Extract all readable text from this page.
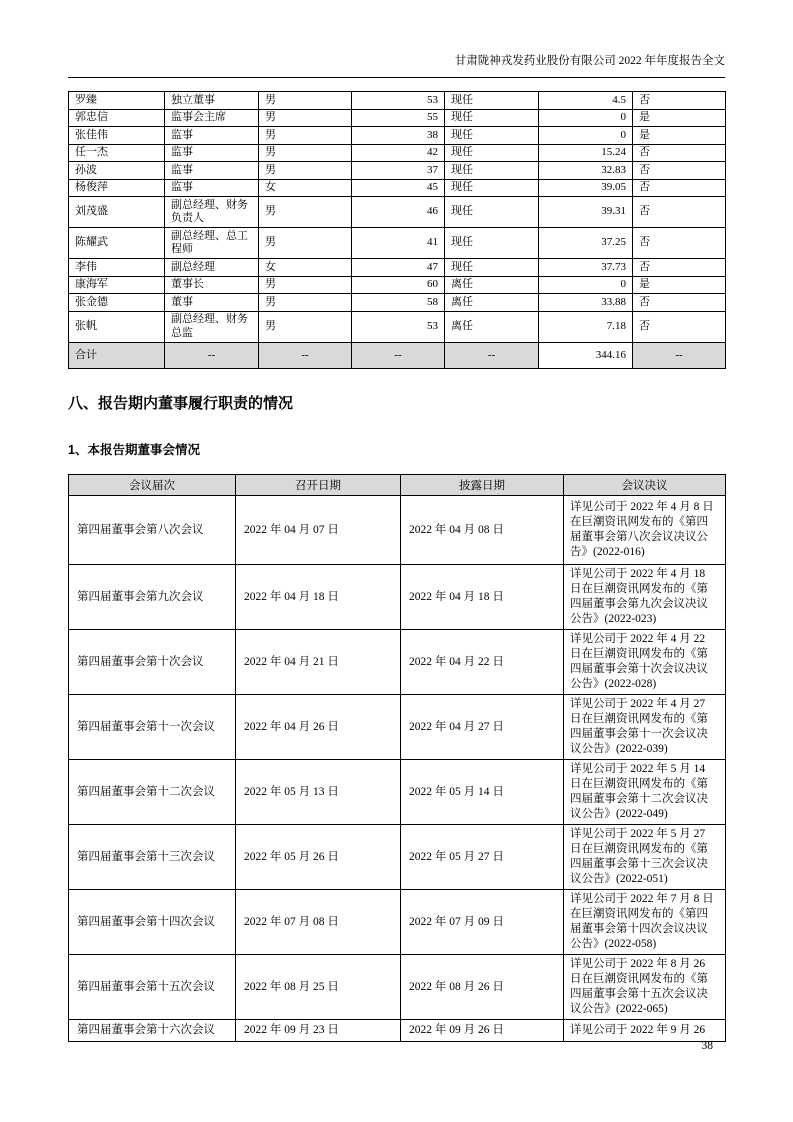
甘肃陇神戎发药业股份有限公司 2022 年年度报告全文
罗臻	独立董事	男	53	现任	4.5	否
郭忠信	监事会主席	男	55	现任	0	是
张佳伟	监事	男	38	现任	0	是
任一杰	监事	男	42	现任	15.24	否
孙波	监事	男	37	现任	32.83	否
杨俊萍	监事	女	45	现任	39.05	否
刘茂盛	副总经理、财务负责人	男	46	现任	39.31	否
陈耀武	副总经理、总工程师	男	41	现任	37.25	否
李伟	副总经理	女	47	现任	37.73	否
康海军	董事长	男	60	离任	0	是
张金德	董事	男	58	离任	33.88	否
张帆	副总经理、财务总监	男	53	离任	7.18	否
合计	--	--	--	--	344.16	--
八、报告期内董事履行职责的情况
1、本报告期董事会情况
会议届次	召开日期	披露日期	会议决议
第四届董事会第八次会议	2022 年 04 月 07 日	2022 年 04 月 08 日	详见公司于 2022 年 4 月 8 日在巨潮资讯网发布的《第四届董事会第八次会议决议公告》(2022-016)
第四届董事会第九次会议	2022 年 04 月 18 日	2022 年 04 月 18 日	详见公司于 2022 年 4 月 18 日在巨潮资讯网发布的《第四届董事会第九次会议决议公告》(2022-023)
第四届董事会第十次会议	2022 年 04 月 21 日	2022 年 04 月 22 日	详见公司于 2022 年 4 月 22 日在巨潮资讯网发布的《第四届董事会第十次会议决议公告》(2022-028)
第四届董事会第十一次会议	2022 年 04 月 26 日	2022 年 04 月 27 日	详见公司于 2022 年 4 月 27 日在巨潮资讯网发布的《第四届董事会第十一次会议决议公告》(2022-039)
第四届董事会第十二次会议	2022 年 05 月 13 日	2022 年 05 月 14 日	详见公司于 2022 年 5 月 14 日在巨潮资讯网发布的《第四届董事会第十二次会议决议公告》(2022-049)
第四届董事会第十三次会议	2022 年 05 月 26 日	2022 年 05 月 27 日	详见公司于 2022 年 5 月 27 日在巨潮资讯网发布的《第四届董事会第十三次会议决议公告》(2022-051)
第四届董事会第十四次会议	2022 年 07 月 08 日	2022 年 07 月 09 日	详见公司于 2022 年 7 月 8 日在巨潮资讯网发布的《第四届董事会第十四次会议决议公告》(2022-058)
第四届董事会第十五次会议	2022 年 08 月 25 日	2022 年 08 月 26 日	详见公司于 2022 年 8 月 26 日在巨潮资讯网发布的《第四届董事会第十五次会议决议公告》(2022-065)
第四届董事会第十六次会议	2022 年 09 月 23 日	2022 年 09 月 26 日	详见公司于 2022 年 9 月 26
38
